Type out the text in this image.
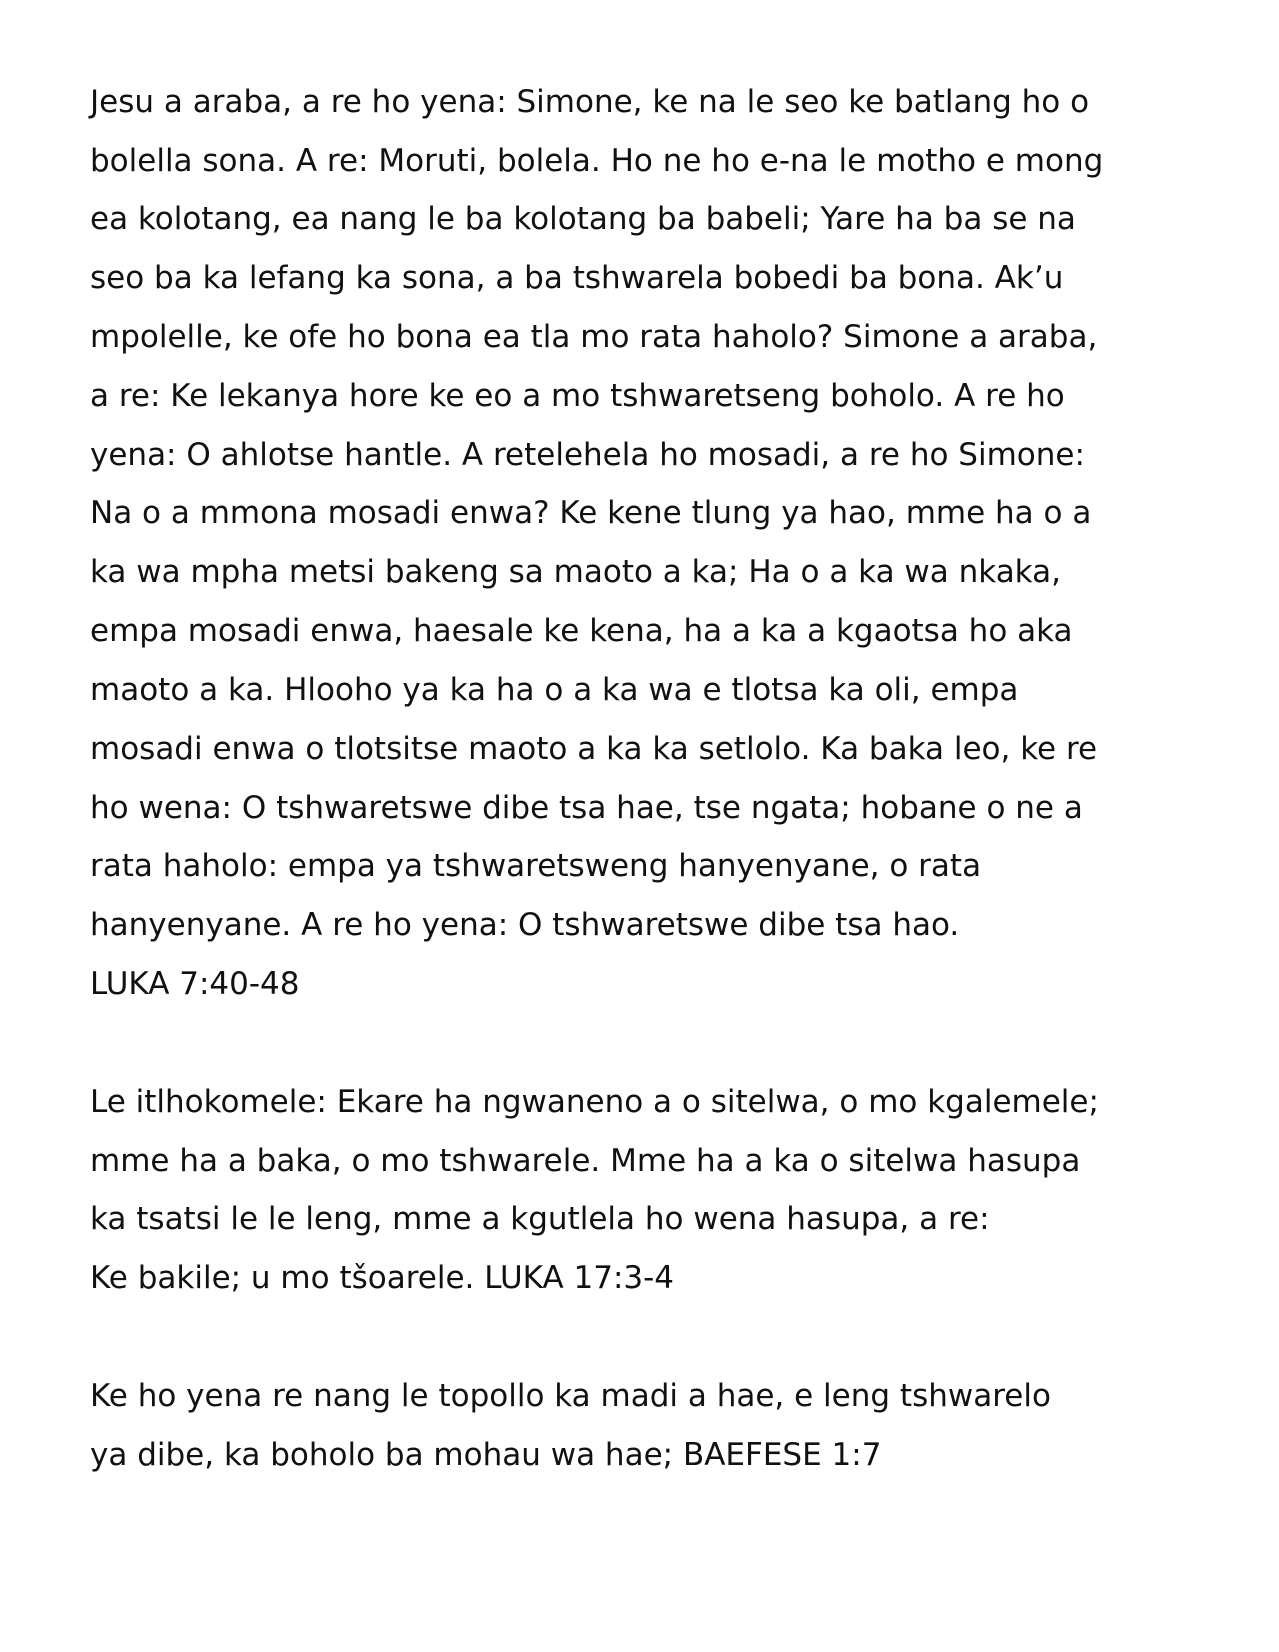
Jesu a araba, a re ho yena: Simone, ke na le seo ke batlang ho o
bolella sona. A re: Moruti, bolela. Ho ne ho e-na le motho e mong
ea kolotang, ea nang le ba kolotang ba babeli; Yare ha ba se na
seo ba ka lefang ka sona, a ba tshwarela bobedi ba bona. Ak’u
mpolelle, ke ofe ho bona ea tla mo rata haholo? Simone a araba,
a re: Ke lekanya hore ke eo a mo tshwaretseng boholo. A re ho
yena: O ahlotse hantle. A retelehela ho mosadi, a re ho Simone:
Na o a mmona mosadi enwa? Ke kene tlung ya hao, mme ha o a
ka wa mpha metsi bakeng sa maoto a ka; Ha o a ka wa nkaka,
empa mosadi enwa, haesale ke kena, ha a ka a kgaotsa ho aka
maoto a ka. Hlooho ya ka ha o a ka wa e tlotsa ka oli, empa
mosadi enwa o tlotsitse maoto a ka ka setlolo. Ka baka leo, ke re
ho wena: O tshwaretswe dibe tsa hae, tse ngata; hobane o ne a
rata haholo: empa ya tshwaretsweng hanyenyane, o rata
hanyenyane. A re ho yena: O tshwaretswe dibe tsa hao.
LUKA 7:40-48
Le itlhokomele: Ekare ha ngwaneno a o sitelwa, o mo kgalemele;
mme ha a baka, o mo tshwarele. Mme ha a ka o sitelwa hasupa
ka tsatsi le le leng, mme a kgutlela ho wena hasupa, a re:
Ke bakile; u mo tšoarele. LUKA 17:3-4
Ke ho yena re nang le topollo ka madi a hae, e leng tshwarelo
ya dibe, ka boholo ba mohau wa hae; BAEFESE 1:7
